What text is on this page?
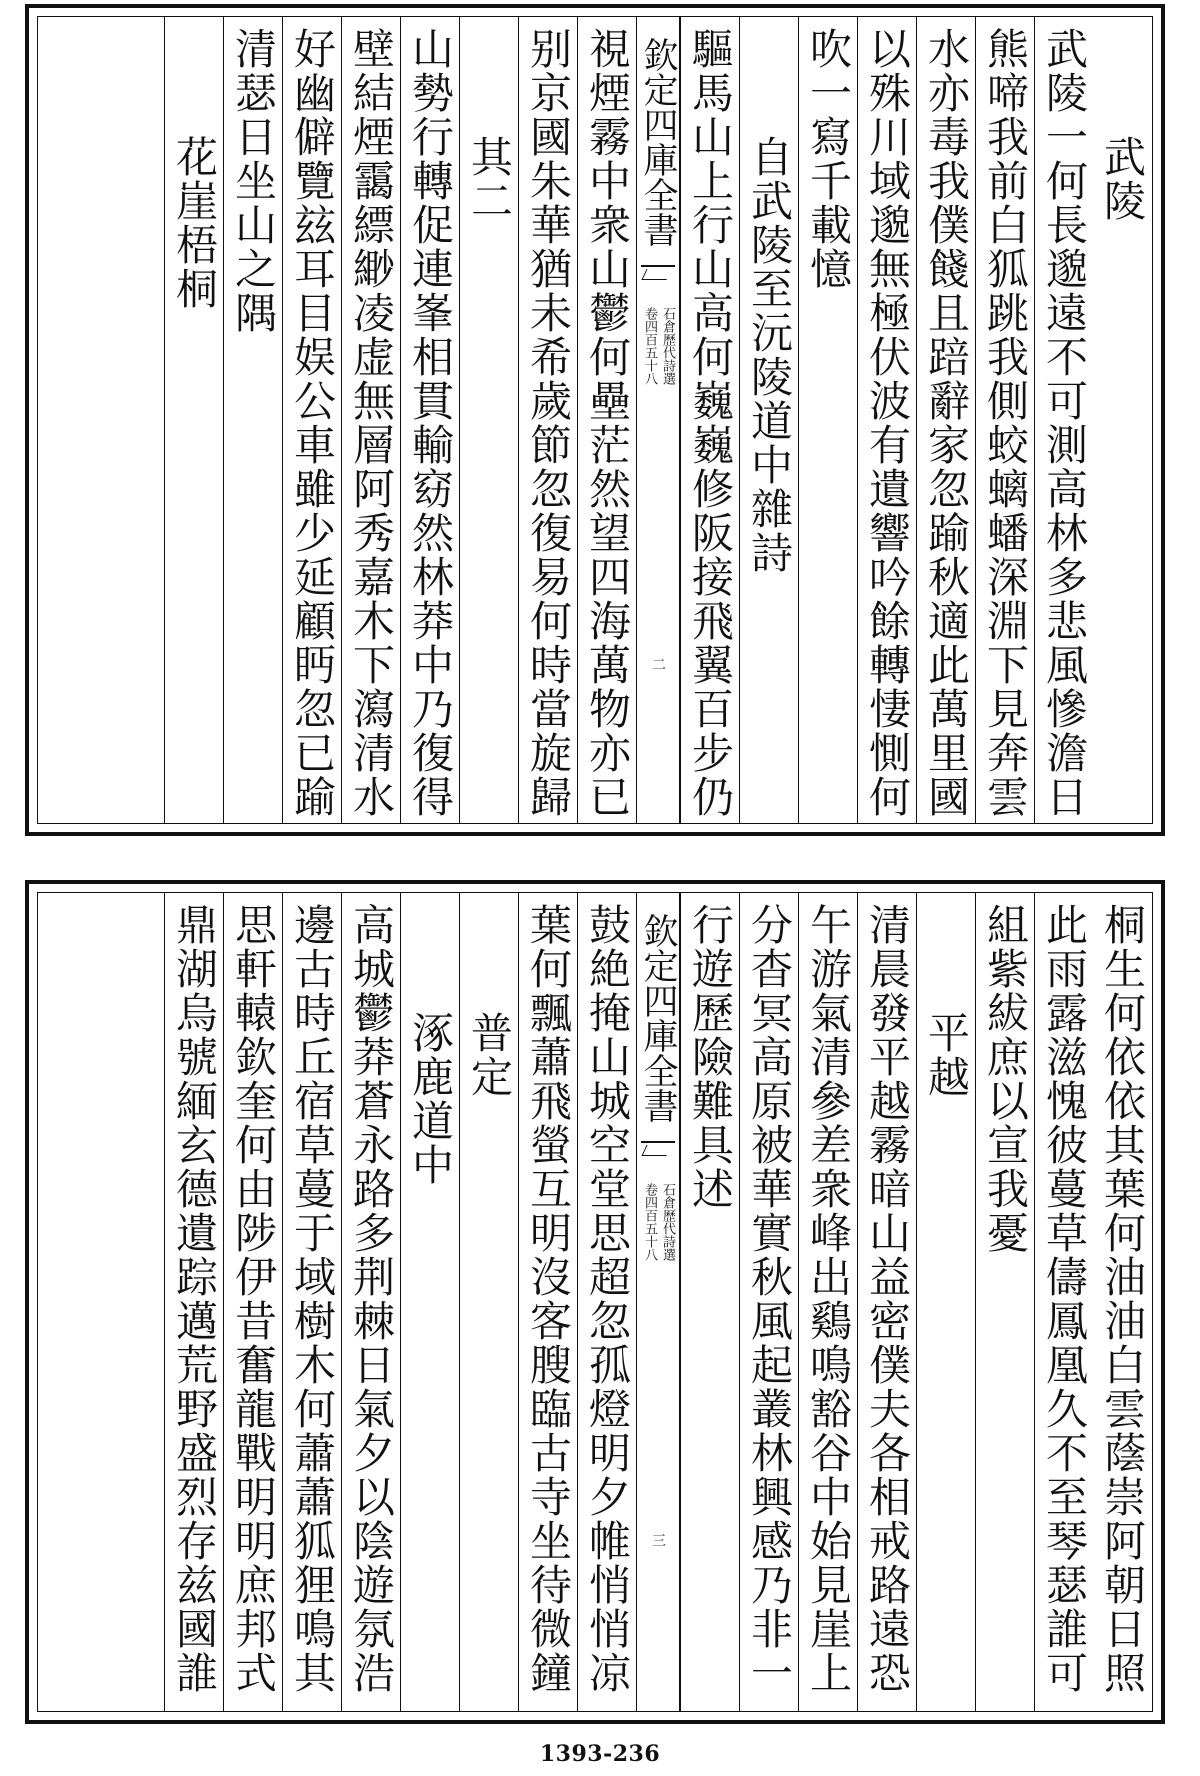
武陵
武陵一何長邈遠不可測高林多悲風慘澹日
熊啼我前白狐跳我側蛟螭蟠深淵下見奔雲
水亦毒我僕餞且踣辭家忽踰秋適此萬里國
以殊川域邈無極伏波有遺響吟餘轉悽惻何
吹一寫千載憶
自武陵至沅陵道中雜詩
驅馬山上行山高何巍巍修阪接飛翼百步仍
欽定四庫全書
石倉歷代詩選
卷四百五十八
二
視煙霧中衆山鬱何壘茫然望四海萬物亦已
别京國朱華猶未希歲節忽復易何時當旋歸
其二
山勢行轉促連峯相貫輸窈然林莽中乃復得
壁結煙靄縹緲凌虚無層阿秀嘉木下瀉清水
好幽僻覽玆耳目娱公車雖少延顧眄忽已踰
清瑟日坐山之隅
花崖梧桐
桐生何依依其葉何油油白雲蔭崇阿朝日照
此雨露滋愧彼蔓草儔鳳凰久不至琴瑟誰可
組紫紱庶以宣我憂
平越
清晨發平越霧暗山益密僕夫各相戒路遠恐
午游氣清參差衆峰出鷄鳴豁谷中始見崖上
分杳冥高原被華實秋風起叢林興感乃非一
行遊歷險難具述
欽定四庫全書
石倉歷代詩選
卷四百五十八
三
鼓絶掩山城空堂思超忽孤燈明夕帷悄悄凉
葉何飄蕭飛螢互明沒客膄臨古寺坐待微鐘
普定
涿鹿道中
高城鬱莽蒼永路多荆棘日氣夕以陰遊氛浩
邊古時丘宿草蔓于域樹木何蕭蕭狐狸鳴其
思軒轅欽奎何由陟伊昔奮龍戰明明庶邦式
鼎湖烏號緬玄德遺踪邁荒野盛烈存兹國誰
1393-236
